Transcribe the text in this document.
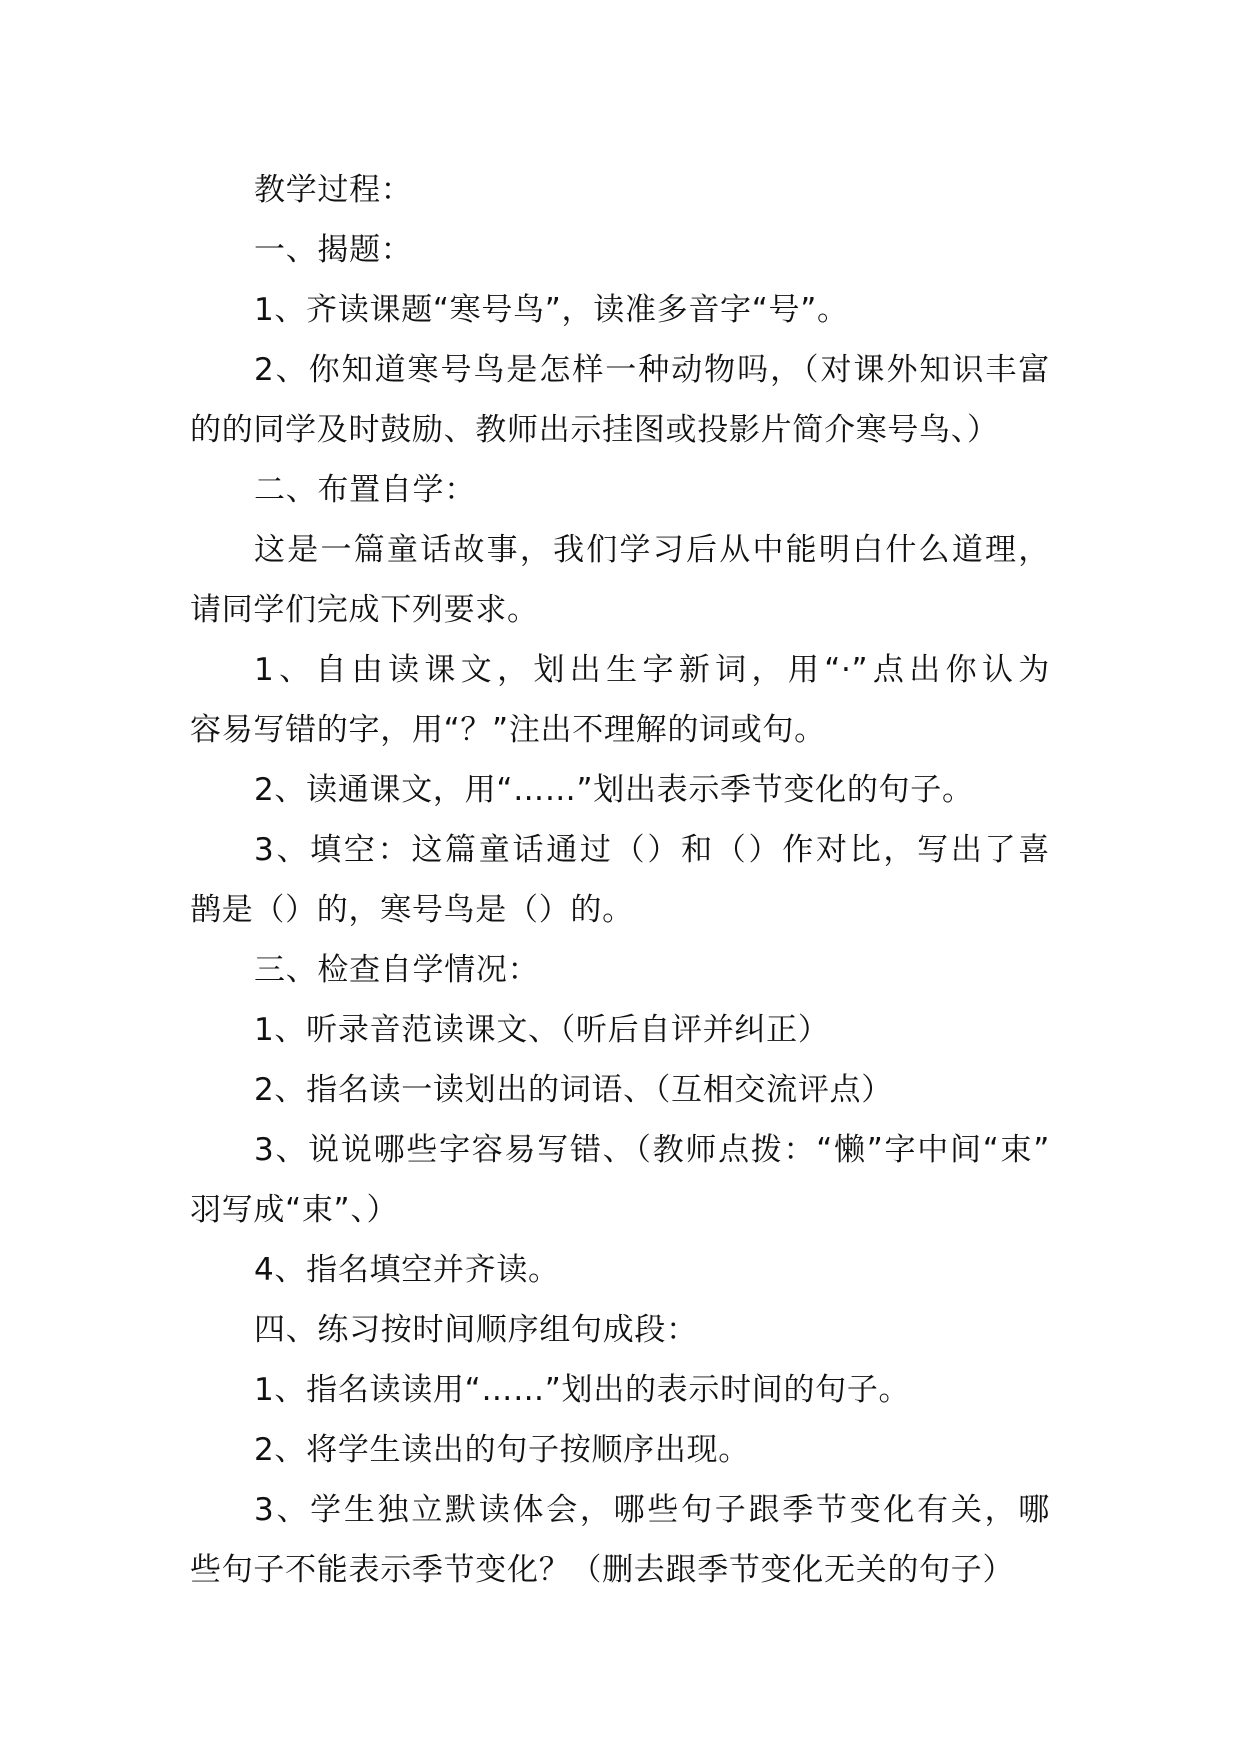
教学过程：
一、揭题：
1、齐读课题“寒号鸟”，读准多音字“号”。
2、你知道寒号鸟是怎样一种动物吗，（对课外知识丰富
的的同学及时鼓励、教师出示挂图或投影片简介寒号鸟、）
二、布置自学：
这是一篇童话故事，我们学习后从中能明白什么道理，
请同学们完成下列要求。
1、自由读课文，划出生字新词，用“·”点出你认为
容易写错的字，用“？”注出不理解的词或句。
2、读通课文，用“……”划出表示季节变化的句子。
3、填空：这篇童话通过（）和（）作对比，写出了喜
鹊是（）的，寒号鸟是（）的。
三、检查自学情况：
1、听录音范读课文、（听后自评并纠正）
2、指名读一读划出的词语、（互相交流评点）
3、说说哪些字容易写错、（教师点拨：“懒”字中间“束”
羽写成“束”、）
4、指名填空并齐读。
四、练习按时间顺序组句成段：
1、指名读读用“……”划出的表示时间的句子。
2、将学生读出的句子按顺序出现。
3、学生独立默读体会，哪些句子跟季节变化有关，哪
些句子不能表示季节变化？（删去跟季节变化无关的句子）
